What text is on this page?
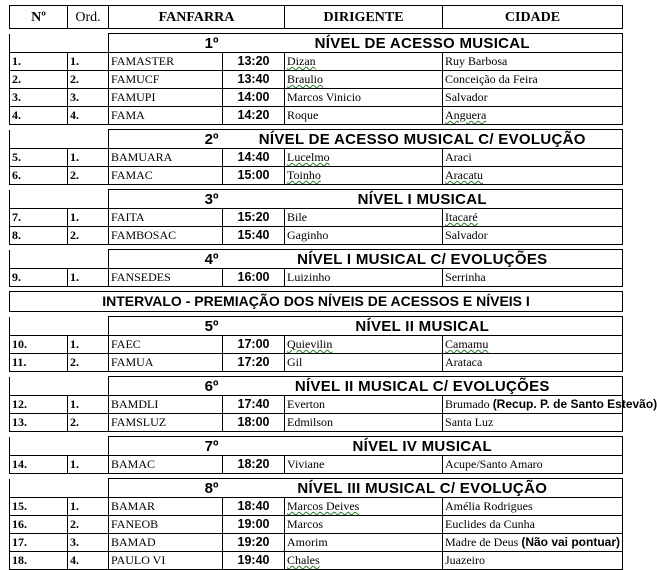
Nº	Ord.	FANFARRA		DIRIGENTE	CIDADE

		1º	NÍVEL DE ACESSO MUSICAL		
1.	1.	FAMASTER	13:20	Dizan	Ruy Barbosa
2.	2.	FAMUCF	13:40	Braulio	Conceição da Feira
3.	3.	FAMUPI	14:00	Marcos Vinicio	Salvador
4.	4.	FAMA	14:20	Roque	Anguera

		2º	NÍVEL DE ACESSO MUSICAL C/ EVOLUÇÃO		
5.	1.	BAMUARA	14:40	Lucelmo	Araci
6.	2.	FAMAC	15:00	Toinho	Aracatu

		3º	NÍVEL I MUSICAL		
7.	1.	FAITA	15:20	Bile	Itacaré
8.	2.	FAMBOSAC	15:40	Gaginho	Salvador

		4º	NÍVEL I MUSICAL C/ EVOLUÇÕES		
9.	1.	FANSEDES	16:00	Luizinho	Serrinha

INTERVALO - PREMIAÇÃO DOS NÍVEIS DE ACESSOS E NÍVEIS I					

		5º	NÍVEL II MUSICAL		
10.	1.	FAEC	17:00	Quievilin	Camamu
11.	2.	FAMUA	17:20	Gil	Arataca

		6º	NÍVEL II MUSICAL C/ EVOLUÇÕES		
12.	1.	BAMDLI	17:40	Everton	Brumado (Recup. P. de Santo Estevão)
13.	2.	FAMSLUZ	18:00	Edmilson	Santa Luz

		7º	NÍVEL IV MUSICAL		
14.	1.	BAMAC	18:20	Viviane	Acupe/Santo Amaro

		8º	NÍVEL III MUSICAL C/ EVOLUÇÃO		
15.	1.	BAMAR	18:40	Marcos Deives	Amélia Rodrigues
16.	2.	FANEOB	19:00	Marcos	Euclides da Cunha
17.	3.	BAMAD	19:20	Amorim	Madre de Deus (Não vai pontuar)
18.	4.	PAULO VI	19:40	Chales	Juazeiro
